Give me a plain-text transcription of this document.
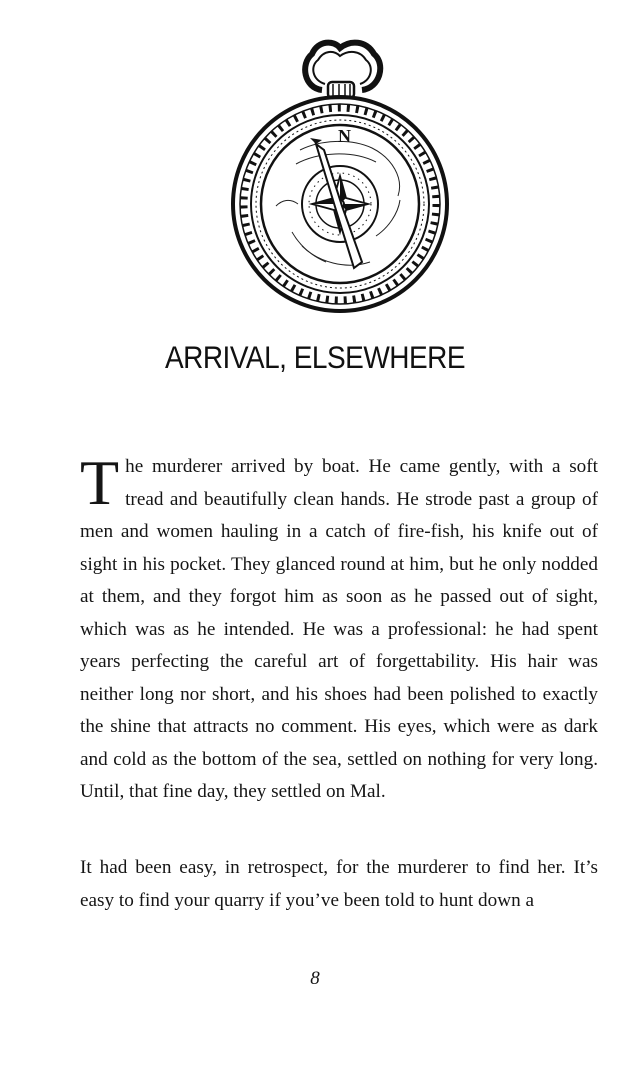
N
ARRIVAL, ELSEWHERE

The murderer arrived by boat. He came gently, with a soft tread and beautifully clean hands. He strode past a group of men and women hauling in a catch of fire-fish, his knife out of sight in his pocket. They glanced round at him, but he only nodded at them, and they forgot him as soon as he passed out of sight, which was as he intended. He was a professional: he had spent years perfecting the careful art of forgettability. His hair was neither long nor short, and his shoes had been polished to exactly the shine that attracts no comment. His eyes, which were as dark and cold as the bottom of the sea, settled on nothing for very long. Until, that fine day, they settled on Mal.

It had been easy, in retrospect, for the murderer to find her. It’s easy to find your quarry if you’ve been told to hunt down a

8
